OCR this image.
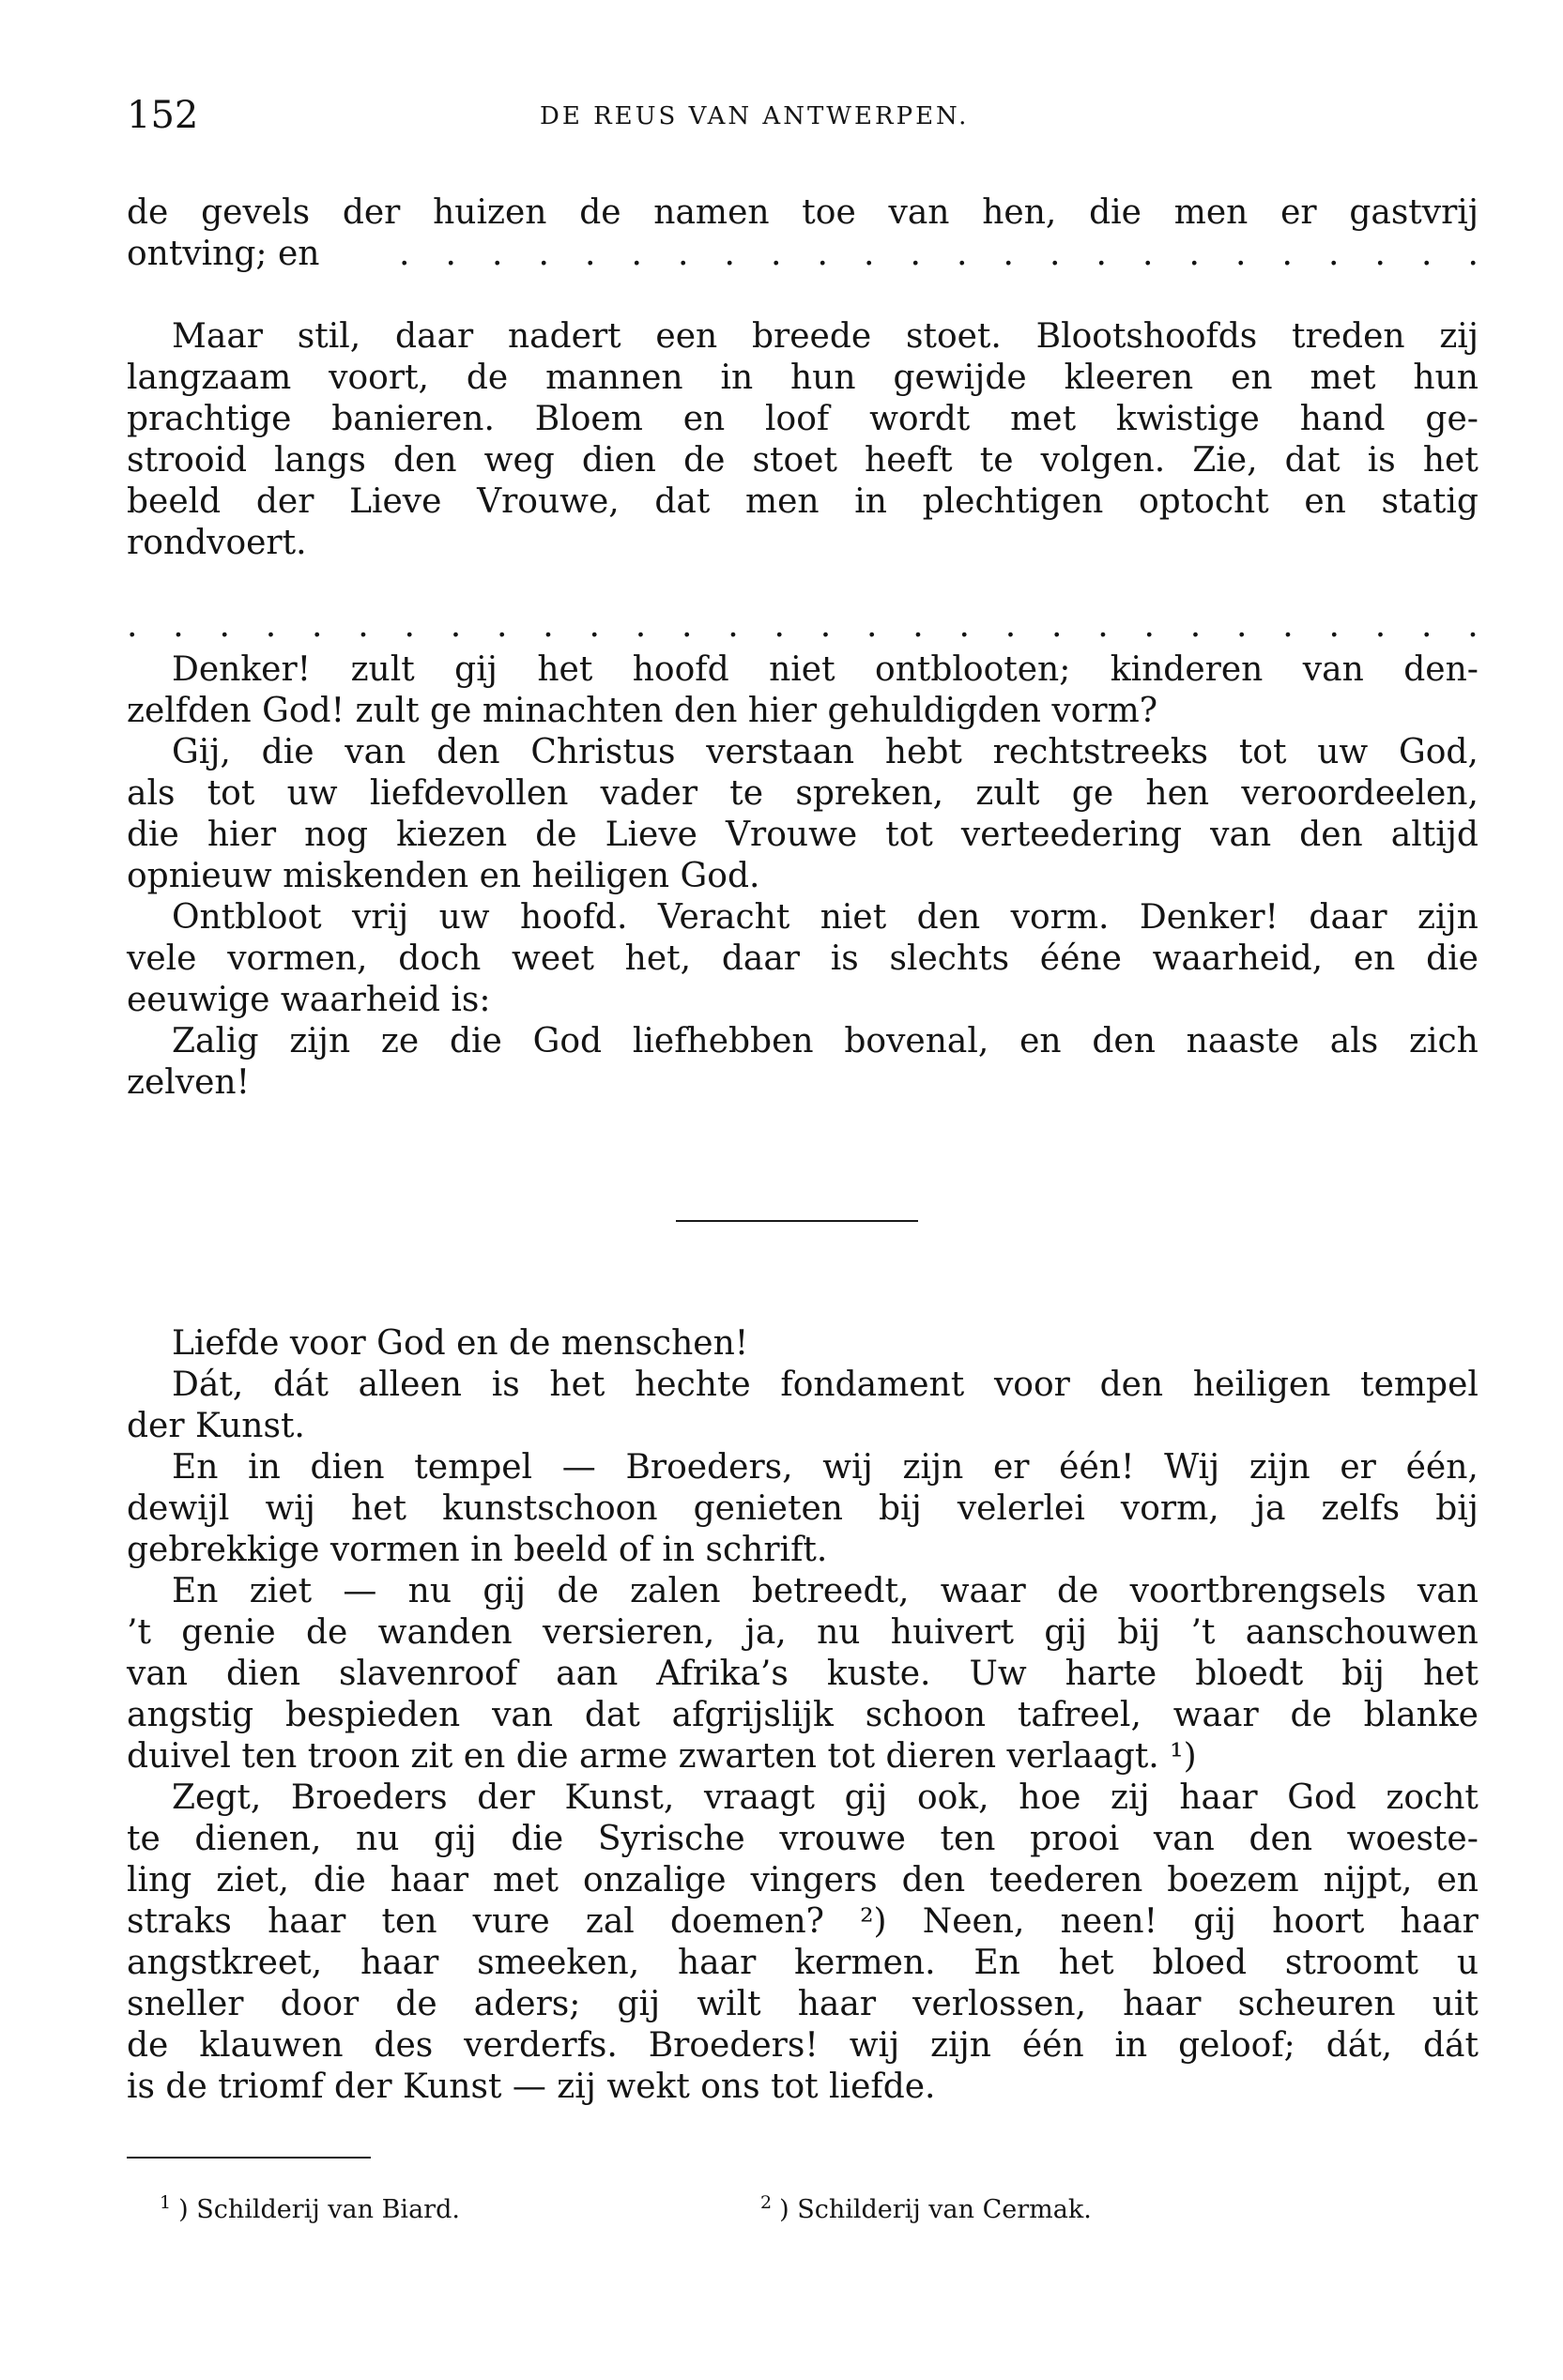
152	DE REUS VAN ANTWERPEN.
de gevels der huizen de namen toe van hen, die men er gastvrij
ontving; en . . . . . . . . . . . . . . . . . . . . . . . .
Maar stil, daar nadert een breede stoet. Blootshoofds treden zij
langzaam voort, de mannen in hun gewijde kleeren en met hun
prachtige banieren. Bloem en loof wordt met kwistige hand ge-
strooid langs den weg dien de stoet heeft te volgen. Zie, dat is het
beeld der Lieve Vrouwe, dat men in plechtigen optocht en statig
rondvoert.
. . . . . . . . . . . . . . . . . . . . . . . . . . . . . .
Denker! zult gij het hoofd niet ontblooten; kinderen van den-
zelfden God! zult ge minachten den hier gehuldigden vorm?
Gij, die van den Christus verstaan hebt rechtstreeks tot uw God,
als tot uw liefdevollen vader te spreken, zult ge hen veroordeelen,
die hier nog kiezen de Lieve Vrouwe tot verteedering van den altijd
opnieuw miskenden en heiligen God.
Ontbloot vrij uw hoofd. Veracht niet den vorm. Denker! daar zijn
vele vormen, doch weet het, daar is slechts ééne waarheid, en die
eeuwige waarheid is:
Zalig zijn ze die God liefhebben bovenal, en den naaste als zich
zelven!
Liefde voor God en de menschen!
Dát, dát alleen is het hechte fondament voor den heiligen tempel
der Kunst.
En in dien tempel — Broeders, wij zijn er één! Wij zijn er één,
dewijl wij het kunstschoon genieten bij velerlei vorm, ja zelfs bij
gebrekkige vormen in beeld of in schrift.
En ziet — nu gij de zalen betreedt, waar de voortbrengsels van
’t genie de wanden versieren, ja, nu huivert gij bij ’t aanschouwen
van dien slavenroof aan Afrika’s kuste. Uw harte bloedt bij het
angstig bespieden van dat afgrijslijk schoon tafreel, waar de blanke
duivel ten troon zit en die arme zwarten tot dieren verlaagt. ¹)
Zegt, Broeders der Kunst, vraagt gij ook, hoe zij haar God zocht
te dienen, nu gij die Syrische vrouwe ten prooi van den woeste-
ling ziet, die haar met onzalige vingers den teederen boezem nijpt, en
straks haar ten vure zal doemen? ²) Neen, neen! gij hoort haar
angstkreet, haar smeeken, haar kermen. En het bloed stroomt u
sneller door de aders; gij wilt haar verlossen, haar scheuren uit
de klauwen des verderfs. Broeders! wij zijn één in geloof; dát, dát
is de triomf der Kunst — zij wekt ons tot liefde.
$^1$ ) Schilderij van Biard.	$^2$ ) Schilderij van Cermak.
